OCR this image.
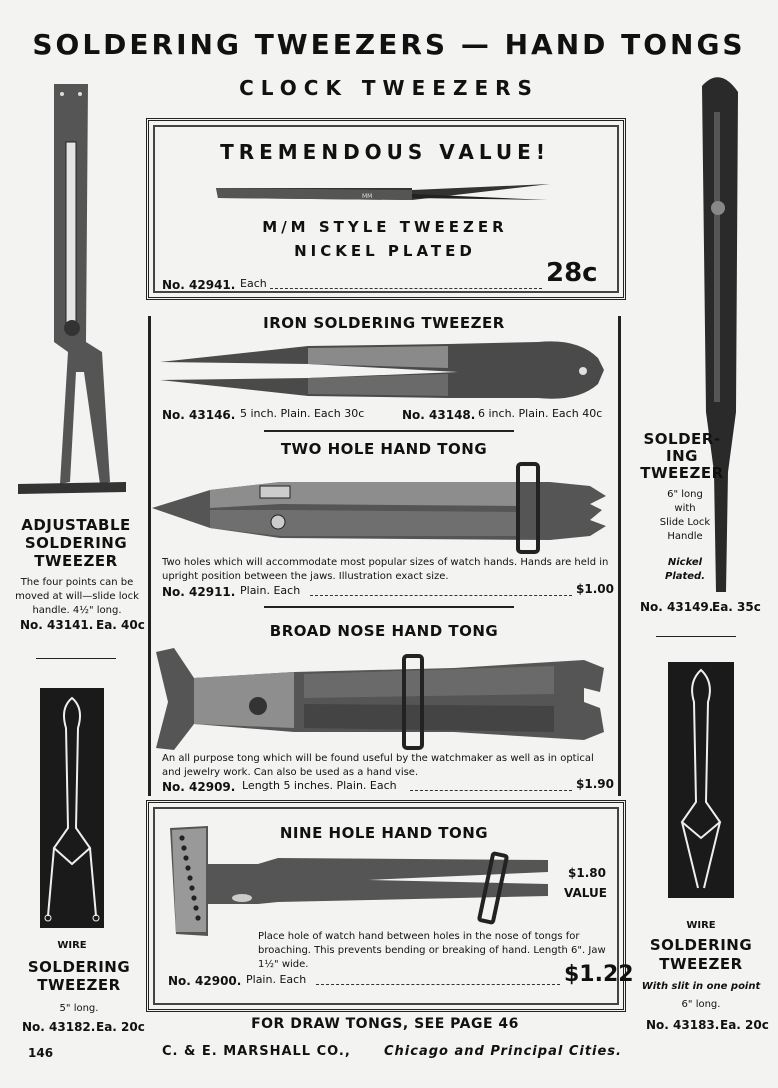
SOLDERING TWEEZERS — HAND TONGS
CLOCK TWEEZERS
TREMENDOUS VALUE!
MM
M/M STYLE TWEEZER
NICKEL PLATED
No. 42941. Each	28c
IRON SOLDERING TWEEZER
No. 43146. 5 inch. Plain. Each 30c	No. 43148. 6 inch. Plain. Each 40c
TWO HOLE HAND TONG
Two holes which will accommodate most popular sizes of watch hands. Hands are held in upright position between the jaws. Illustration exact size.
No. 42911. Plain. Each	$1.00
BROAD NOSE HAND TONG
An all purpose tong which will be found useful by the watchmaker as well as in optical and jewelry work. Can also be used as a hand vise.
No. 42909. Length 5 inches. Plain. Each	$1.90
NINE HOLE HAND TONG
$1.80
VALUE
Place hole of watch hand between holes in the nose of tongs for broaching. This prevents bending or breaking of hand. Length 6". Jaw 1½" wide.
No. 42900. Plain. Each	$1.22
ADJUSTABLE
SOLDERING
TWEEZER
The four points can be moved at will—slide lock handle. 4½" long.
No. 43141. Ea. 40c
WIRE
SOLDERING
TWEEZER
5" long.
No. 43182. Ea. 20c
SOLDER-
ING
TWEEZER
6" long
with
Slide Lock
Handle
Nickel
Plated.
No. 43149.
Ea. 35c
WIRE
SOLDERING
TWEEZER
With slit in one point
6" long.
No. 43183. Ea. 20c
FOR DRAW TONGS, SEE PAGE 46
146	C. & E. MARSHALL CO.,	Chicago and Principal Cities.
